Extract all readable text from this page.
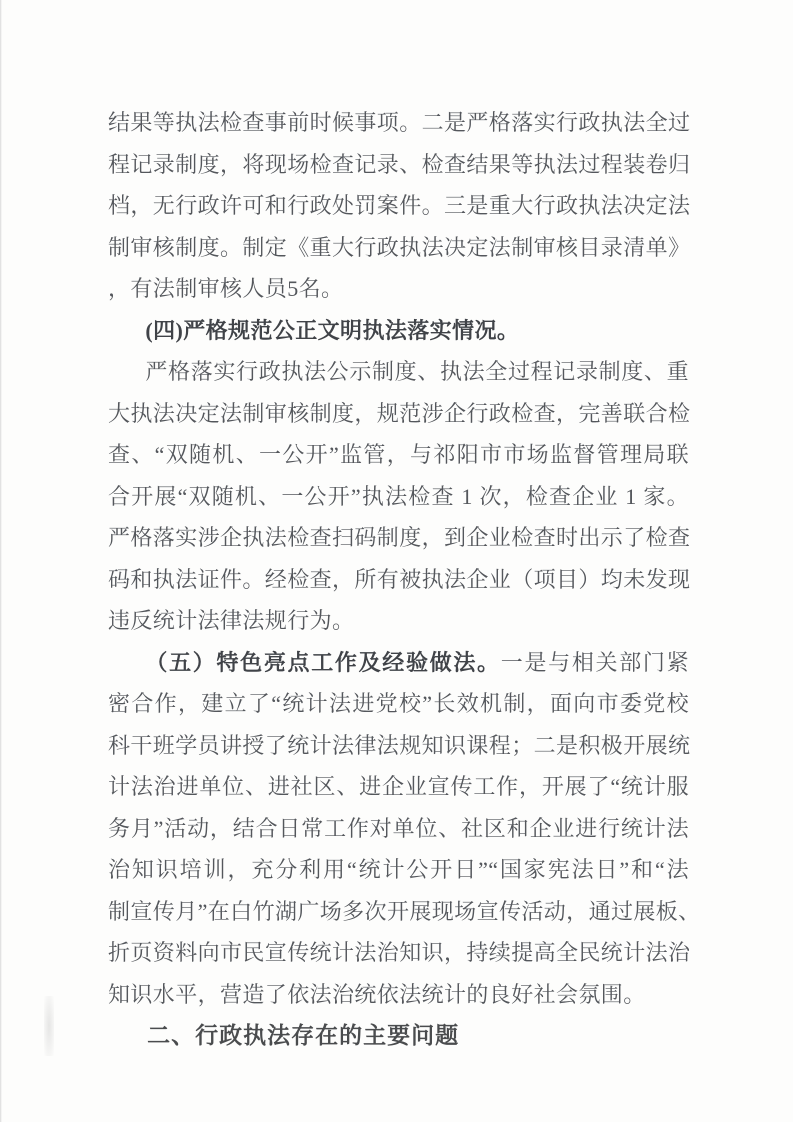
结果等执法检查事前时候事项。二是严格落实行政执法全过

程记录制度，将现场检查记录、检查结果等执法过程装卷归

档，无行政许可和行政处罚案件。三是重大行政执法决定法

制审核制度。制定《重大行政执法决定法制审核目录清单》

，有法制审核人员5名。

(四)严格规范公正文明执法落实情况。

严格落实行政执法公示制度、执法全过程记录制度、重

大执法决定法制审核制度，规范涉企行政检查，完善联合检

查、“双随机、一公开”监管，与祁阳市市场监督管理局联

合开展“双随机、一公开”执法检查 1 次，检查企业 1 家。

严格落实涉企执法检查扫码制度，到企业检查时出示了检查

码和执法证件。经检查，所有被执法企业（项目）均未发现

违反统计法律法规行为。

（五）特色亮点工作及经验做法。一是与相关部门紧

密合作，建立了“统计法进党校”长效机制，面向市委党校

科干班学员讲授了统计法律法规知识课程；二是积极开展统

计法治进单位、进社区、进企业宣传工作，开展了“统计服

务月”活动，结合日常工作对单位、社区和企业进行统计法

治知识培训，充分利用“统计公开日”“国家宪法日”和“法

制宣传月”在白竹湖广场多次开展现场宣传活动，通过展板、

折页资料向市民宣传统计法治知识，持续提高全民统计法治

知识水平，营造了依法治统依法统计的良好社会氛围。

二、行政执法存在的主要问题
